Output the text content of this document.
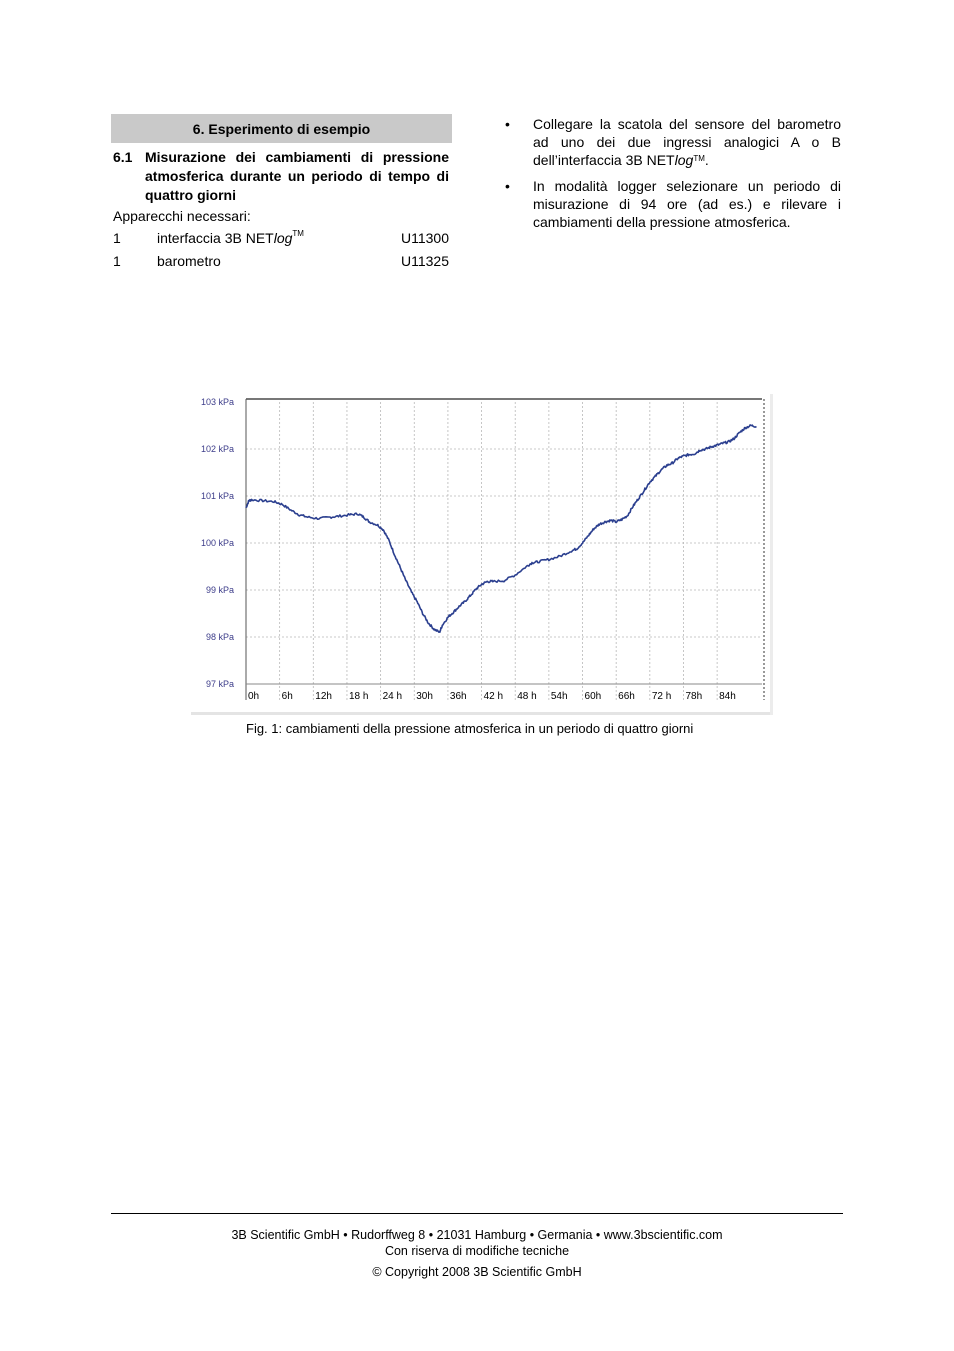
6. Esperimento di esempio
6.1 Misurazione dei cambiamenti di pressione atmosferica durante un periodo di tempo di quattro giorni
Apparecchi necessari:
1	interfaccia 3B NETlog™	U11300
1	barometro	U11325
• Collegare la scatola del sensore del barometro ad uno dei due ingressi analogici A o B dell’interfaccia 3B NETlog™.
• In modalità logger selezionare un periodo di misurazione di 94 ore (ad es.) e rilevare i cambiamenti della pressione atmosferica.
103 kPa
102 kPa
101 kPa
100 kPa
99 kPa
98 kPa
97 kPa
0h 6h 12h 18 h 24 h 30h 36h 42 h 48 h 54h 60h 66h 72 h 78h 84h
Fig. 1: cambiamenti della pressione atmosferica in un periodo di quattro giorni
3B Scientific GmbH • Rudorffweg 8 • 21031 Hamburg • Germania • www.3bscientific.com
Con riserva di modifiche tecniche
© Copyright 2008 3B Scientific GmbH
